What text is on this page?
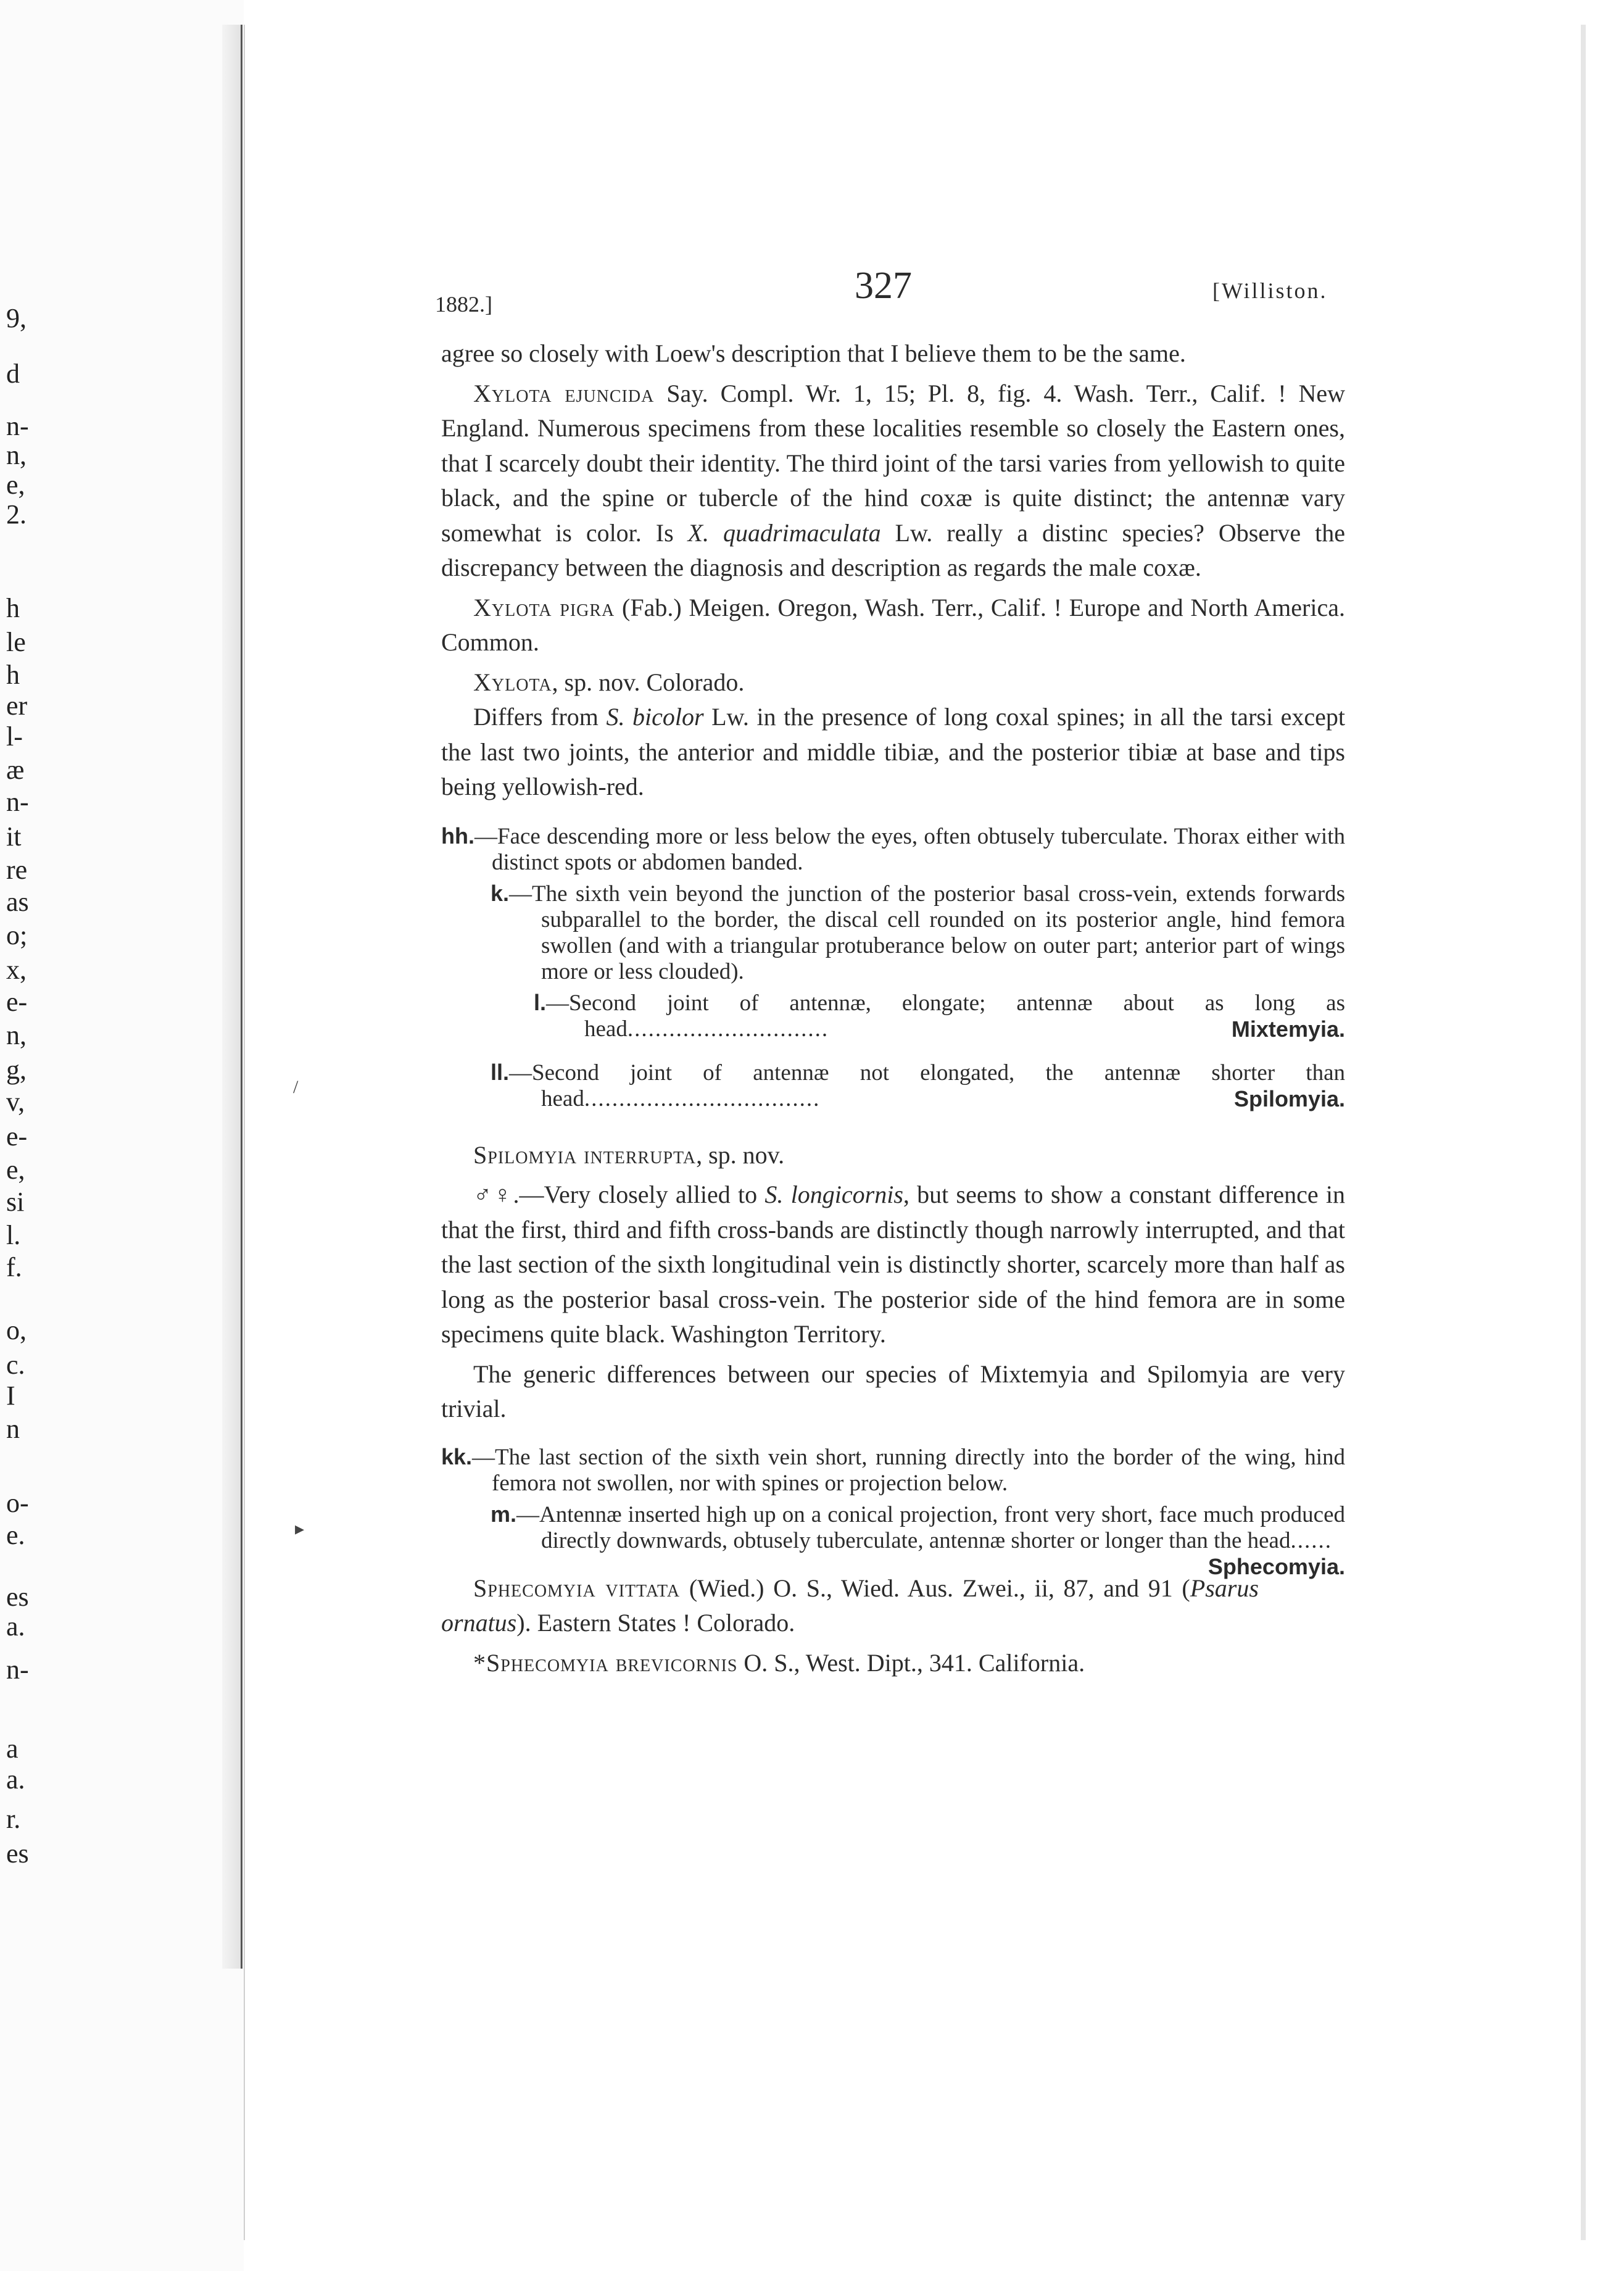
9,
d
n-
n,
e,
2.
h
le
h
er
l-
æ
n-
it
re
as
o;
x,
e-
n,
g,
v,
e-
e,
si
l.
f.
o,
c.
I
n
o-
e.
es
a.
n-
a
a.
r.
es
1882.]	327	[Williston.

agree so closely with Loew's description that I believe them to be the same.

Xylota ejuncida Say. Compl. Wr. 1, 15; Pl. 8, fig. 4. Wash. Terr., Calif. ! New England. Numerous specimens from these localities resemble so closely the Eastern ones, that I scarcely doubt their identity. The third joint of the tarsi varies from yellowish to quite black, and the spine or tubercle of the hind coxæ is quite distinct; the antennæ vary somewhat is color. Is X. quadrimaculata Lw. really a distinc species? Observe the discrepancy between the diagnosis and description as regards the male coxæ.

Xylota pigra (Fab.) Meigen. Oregon, Wash. Terr., Calif. ! Europe and North America. Common.

Xylota, sp. nov. Colorado.

Differs from S. bicolor Lw. in the presence of long coxal spines; in all the tarsi except the last two joints, the anterior and middle tibiæ, and the posterior tibiæ at base and tips being yellowish-red.

hh.—Face descending more or less below the eyes, often obtusely tuberculate. Thorax either with distinct spots or abdomen banded.

k.—The sixth vein beyond the junction of the posterior basal cross-vein, extends forwards subparallel to the border, the discal cell rounded on its posterior angle, hind femora swollen (and with a triangular protuberance below on outer part; anterior part of wings more or less clouded).

l.—Second joint of antennæ, elongate; antennæ about as long as head.............................	Mixtemyia.

ll.—Second joint of antennæ not elongated, the antennæ shorter than head..................................	Spilomyia.

Spilomyia interrupta, sp. nov.

♂♀.—Very closely allied to S. longicornis, but seems to show a constant difference in that the first, third and fifth cross-bands are distinctly though narrowly interrupted, and that the last section of the sixth longitudinal vein is distinctly shorter, scarcely more than half as long as the posterior basal cross-vein. The posterior side of the hind femora are in some specimens quite black. Washington Territory.

The generic differences between our species of Mixtemyia and Spilomyia are very trivial.

kk.—The last section of the sixth vein short, running directly into the border of the wing, hind femora not swollen, nor with spines or projection below.

m.—Antennæ inserted high up on a conical projection, front very short, face much produced directly downwards, obtusely tuberculate, antennæ shorter or longer than the head......
Sphecomyia.

Sphecomyia vittata (Wied.) O. S., Wied. Aus. Zwei., ii, 87, and 91 (Psarus ornatus). Eastern States ! Colorado.

*Sphecomyia brevicornis O. S., West. Dipt., 341. California.

/
▸
